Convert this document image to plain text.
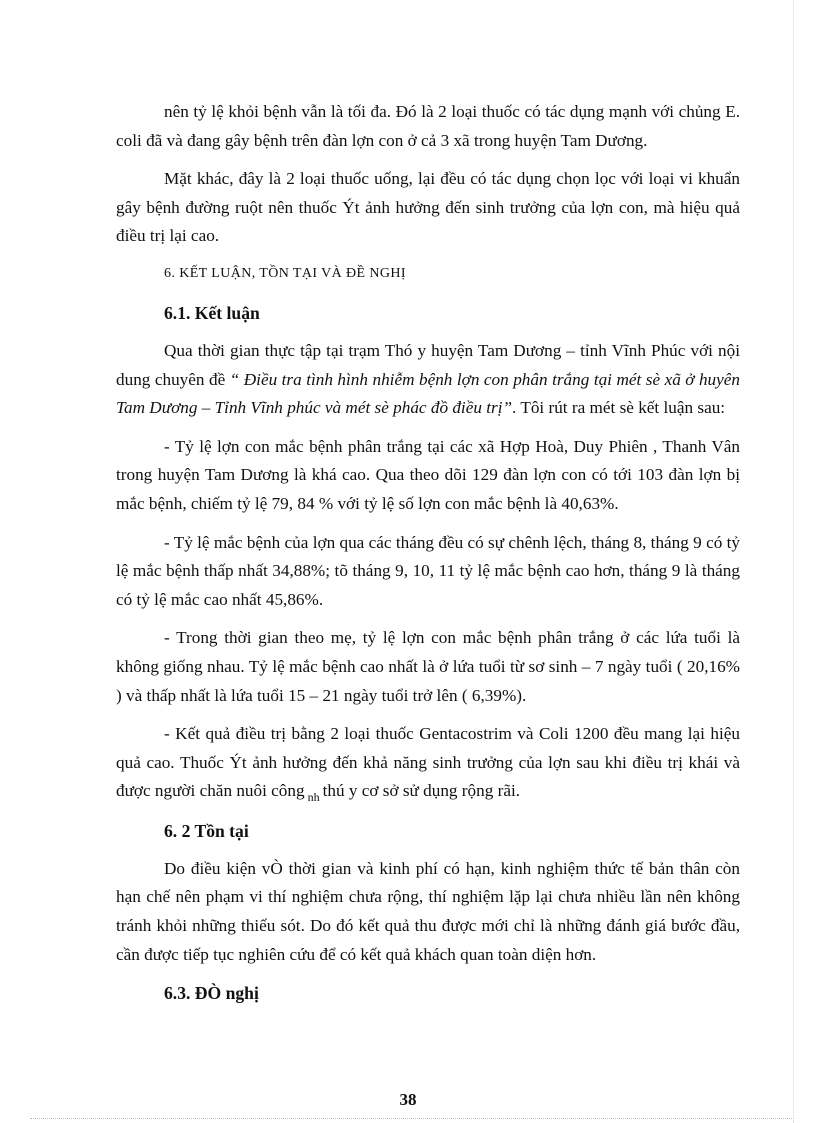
nên tỷ lệ khỏi bệnh vẫn là tối đa. Đó là 2 loại thuốc có tác dụng mạnh với chủng E. coli đã và đang gây bệnh trên đàn lợn con ở cả 3 xã trong huyện Tam Dương.

Mặt khác, đây là 2 loại thuốc uống, lại đều có tác dụng chọn lọc với loại vi khuẩn gây bệnh đường ruột nên thuốc Ýt ảnh hưởng đến sinh trưởng của lợn con, mà hiệu quả điều trị lại cao.

6. KẾT LUẬN, TỒN TẠI VÀ ĐỀ NGHỊ
6.1. Kết luận

Qua thời gian thực tập tại trạm Thó y huyện Tam Dương – tỉnh Vĩnh Phúc với nội dung chuyên đề “ Điều tra tình hình nhiễm bệnh lợn con phân trắng tại mét sè xã ở huyên Tam Dương – Tỉnh Vĩnh phúc và mét sè phác đồ điều trị”. Tôi rút ra mét sè kết luận sau:

- Tỷ lệ lợn con mắc bệnh phân trắng tại các xã Hợp Hoà, Duy Phiên , Thanh Vân trong huyện Tam Dương là khá cao. Qua theo dõi 129 đàn lợn con có tới 103 đàn lợn bị mắc bệnh, chiếm tỷ lệ 79, 84 % với tỷ lệ số lợn con mắc bệnh là 40,63%.

- Tỷ lệ mắc bệnh của lợn qua các tháng đều có sự chênh lệch, tháng 8, tháng 9 có tỷ lệ mắc bệnh thấp nhất 34,88%; tõ tháng 9, 10, 11 tỷ lệ mắc bệnh cao hơn, tháng 9 là tháng có tỷ lệ mắc cao nhất 45,86%.

- Trong thời gian theo mẹ, tỷ lệ lợn con mắc bệnh phân trắng ở các lứa tuổi là không giống nhau. Tỷ lệ mắc bệnh cao nhất là ở lứa tuổi từ sơ sinh – 7 ngày tuổi ( 20,16% ) và thấp nhất là lứa tuổi 15 – 21 ngày tuổi trở lên ( 6,39%).

- Kết quả điều trị bằng 2 loại thuốc Gentacostrim và Coli 1200 đều mang lại hiệu quả cao. Thuốc Ýt ảnh hưởng đến khả năng sinh trưởng của lợn sau khi điều trị khái và được người chăn nuôi công $_{nh}$ thú y cơ sở sử dụng rộng rãi.

6. 2 Tồn tại

Do điều kiện vÒ thời gian và kinh phí có hạn, kinh nghiệm thức tế bản thân còn hạn chế nên phạm vi thí nghiệm chưa rộng, thí nghiệm lặp lại chưa nhiều lần nên không tránh khỏi những thiếu sót. Do đó kết quả thu được mới chỉ là những đánh giá bước đầu, cần được tiếp tục nghiên cứu để có kết quả khách quan toàn diện hơn.

6.3. ĐÒ nghị
38
